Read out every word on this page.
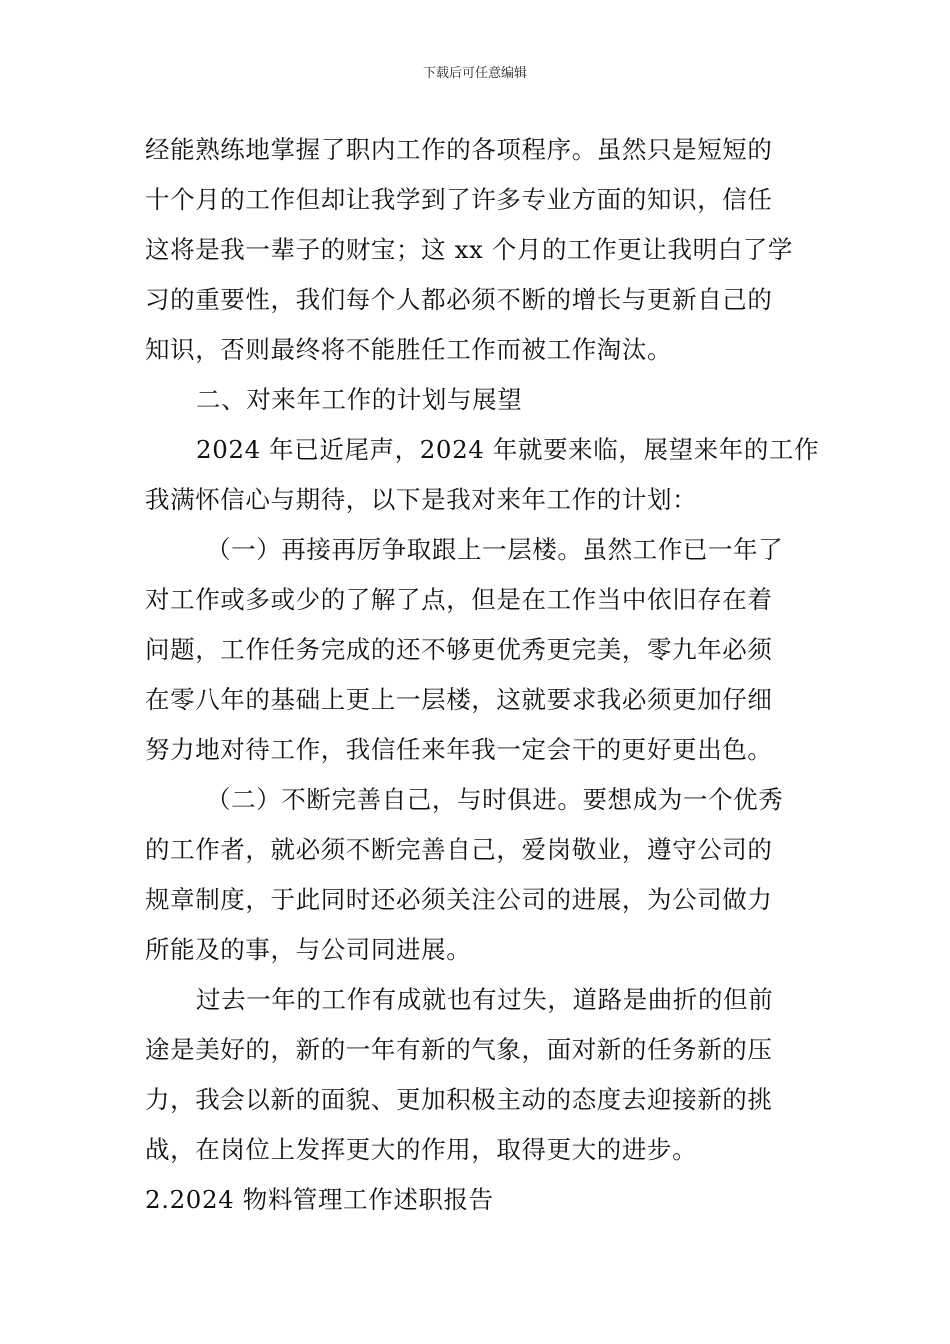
下载后可任意编辑
经能熟练地掌握了职内工作的各项程序。虽然只是短短的
十个月的工作但却让我学到了许多专业方面的知识，信任
这将是我一辈子的财宝；这 xx 个月的工作更让我明白了学
习的重要性，我们每个人都必须不断的增长与更新自己的
知识，否则最终将不能胜任工作而被工作淘汰。
二、对来年工作的计划与展望
2024 年已近尾声，2024 年就要来临，展望来年的工作
我满怀信心与期待，以下是我对来年工作的计划：
（一）再接再厉争取跟上一层楼。虽然工作已一年了
对工作或多或少的了解了点，但是在工作当中依旧存在着
问题，工作任务完成的还不够更优秀更完美，零九年必须
在零八年的基础上更上一层楼，这就要求我必须更加仔细
努力地对待工作，我信任来年我一定会干的更好更出色。
（二）不断完善自己，与时俱进。要想成为一个优秀
的工作者，就必须不断完善自己，爱岗敬业，遵守公司的
规章制度，于此同时还必须关注公司的进展，为公司做力
所能及的事，与公司同进展。
过去一年的工作有成就也有过失，道路是曲折的但前
途是美好的，新的一年有新的气象，面对新的任务新的压
力，我会以新的面貌、更加积极主动的态度去迎接新的挑
战，在岗位上发挥更大的作用，取得更大的进步。
2.2024 物料管理工作述职报告
